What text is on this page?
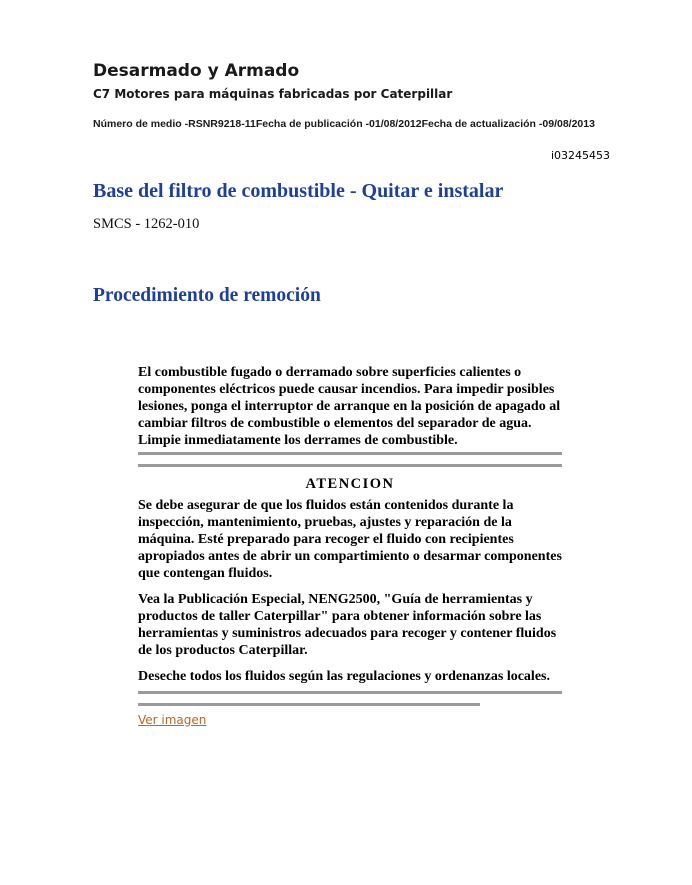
Desarmado y Armado
C7 Motores para máquinas fabricadas por Caterpillar
Número de medio -RSNR9218-11Fecha de publicación -01/08/2012Fecha de actualización -09/08/2013
i03245453
Base del filtro de combustible - Quitar e instalar
SMCS - 1262-010
Procedimiento de remoción

El combustible fugado o derramado sobre superficies calientes o componentes eléctricos puede causar incendios. Para impedir posibles lesiones, ponga el interruptor de arranque en la posición de apagado al cambiar filtros de combustible o elementos del separador de agua. Limpie inmediatamente los derrames de combustible.

ATENCION

Se debe asegurar de que los fluidos están contenidos durante la inspección, mantenimiento, pruebas, ajustes y reparación de la máquina. Esté preparado para recoger el fluido con recipientes apropiados antes de abrir un compartimiento o desarmar componentes que contengan fluidos.

Vea la Publicación Especial, NENG2500, "Guía de herramientas y productos de taller Caterpillar" para obtener información sobre las herramientas y suministros adecuados para recoger y contener fluidos de los productos Caterpillar.

Deseche todos los fluidos según las regulaciones y ordenanzas locales.

Ver imagen
